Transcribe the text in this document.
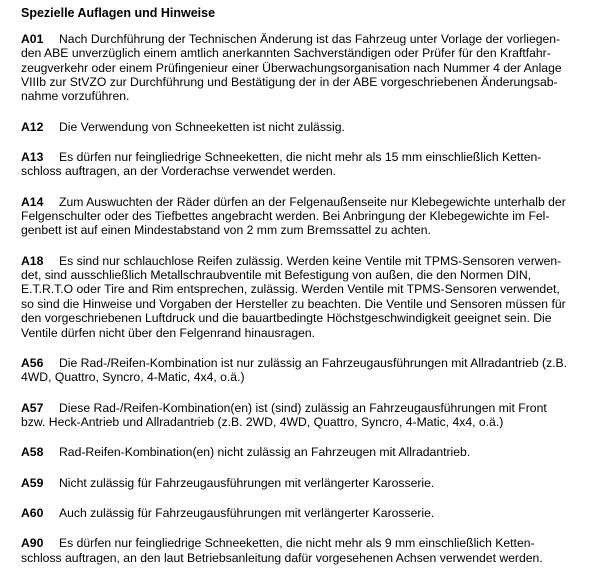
Spezielle Auflagen und Hinweise
A01 Nach Durchführung der Technischen Änderung ist das Fahrzeug unter Vorlage der vorliegen-
den ABE unverzüglich einem amtlich anerkannten Sachverständigen oder Prüfer für den Kraftfahr-
zeugverkehr oder einem Prüfingenieur einer Überwachungsorganisation nach Nummer 4 der Anlage
VIIIb zur StVZO zur Durchführung und Bestätigung der in der ABE vorgeschriebenen Änderungsab-
nahme vorzuführen.
A12 Die Verwendung von Schneeketten ist nicht zulässig.
A13 Es dürfen nur feingliedrige Schneeketten, die nicht mehr als 15 mm einschließlich Ketten-
schloss auftragen, an der Vorderachse verwendet werden.
A14 Zum Auswuchten der Räder dürfen an der Felgenaußenseite nur Klebegewichte unterhalb der
Felgenschulter oder des Tiefbettes angebracht werden. Bei Anbringung der Klebegewichte im Fel-
genbett ist auf einen Mindestabstand von 2 mm zum Bremssattel zu achten.
A18 Es sind nur schlauchlose Reifen zulässig. Werden keine Ventile mit TPMS-Sensoren verwen-
det, sind ausschließlich Metallschraubventile mit Befestigung von außen, die den Normen DIN,
E.T.R.T.O oder Tire and Rim entsprechen, zulässig. Werden Ventile mit TPMS-Sensoren verwendet,
so sind die Hinweise und Vorgaben der Hersteller zu beachten. Die Ventile und Sensoren müssen für
den vorgeschriebenen Luftdruck und die bauartbedingte Höchstgeschwindigkeit geeignet sein. Die
Ventile dürfen nicht über den Felgenrand hinausragen.
A56 Die Rad-/Reifen-Kombination ist nur zulässig an Fahrzeugausführungen mit Allradantrieb (z.B.
4WD, Quattro, Syncro, 4-Matic, 4x4, o.ä.)
A57 Diese Rad-/Reifen-Kombination(en) ist (sind) zulässig an Fahrzeugausführungen mit Front
bzw. Heck-Antrieb und Allradantrieb (z.B. 2WD, 4WD, Quattro, Syncro, 4-Matic, 4x4, o.ä.)
A58 Rad-Reifen-Kombination(en) nicht zulässig an Fahrzeugen mit Allradantrieb.
A59 Nicht zulässig für Fahrzeugausführungen mit verlängerter Karosserie.
A60 Auch zulässig für Fahrzeugausführungen mit verlängerter Karosserie.
A90 Es dürfen nur feingliedrige Schneeketten, die nicht mehr als 9 mm einschließlich Ketten-
schloss auftragen, an den laut Betriebsanleitung dafür vorgesehenen Achsen verwendet werden.
